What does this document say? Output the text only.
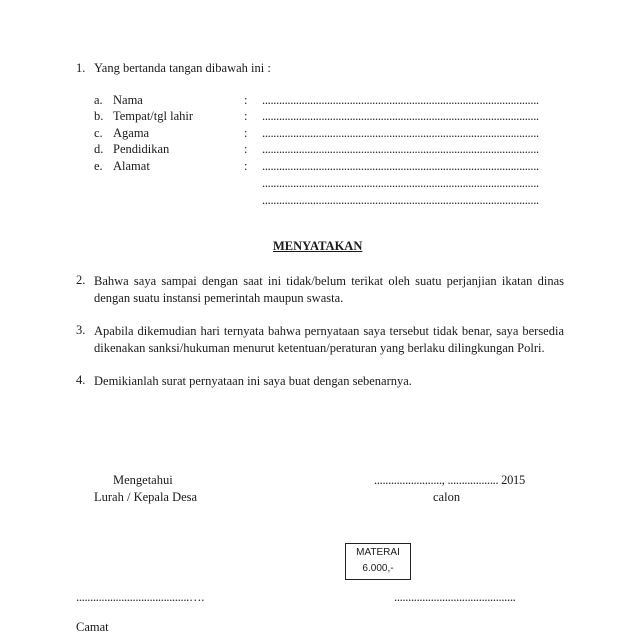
1. Yang bertanda tangan dibawah ini :
a. Nama	: ..................................................................................................
b. Tempat/tgl lahir	: ..................................................................................................
c. Agama	: ..................................................................................................
d. Pendidikan	: ..................................................................................................
e. Alamat	: ..................................................................................................
..................................................................................................
..................................................................................................
MENYATAKAN
2. Bahwa saya sampai dengan saat ini tidak/belum terikat oleh suatu perjanjian ikatan dinas dengan suatu instansi pemerintah maupun swasta.
3. Apabila dikemudian hari ternyata bahwa pernyataan saya tersebut tidak benar, saya bersedia dikenakan sanksi/hukuman menurut ketentuan/peraturan yang berlaku dilingkungan Polri.
4. Demikianlah surat pernyataan ini saya buat dengan sebenarnya.
Mengetahui
Lurah / Kepala Desa
........................, .................. 2015
calon
MATERAI
6.000,-
........................................….	...........................................
Camat
